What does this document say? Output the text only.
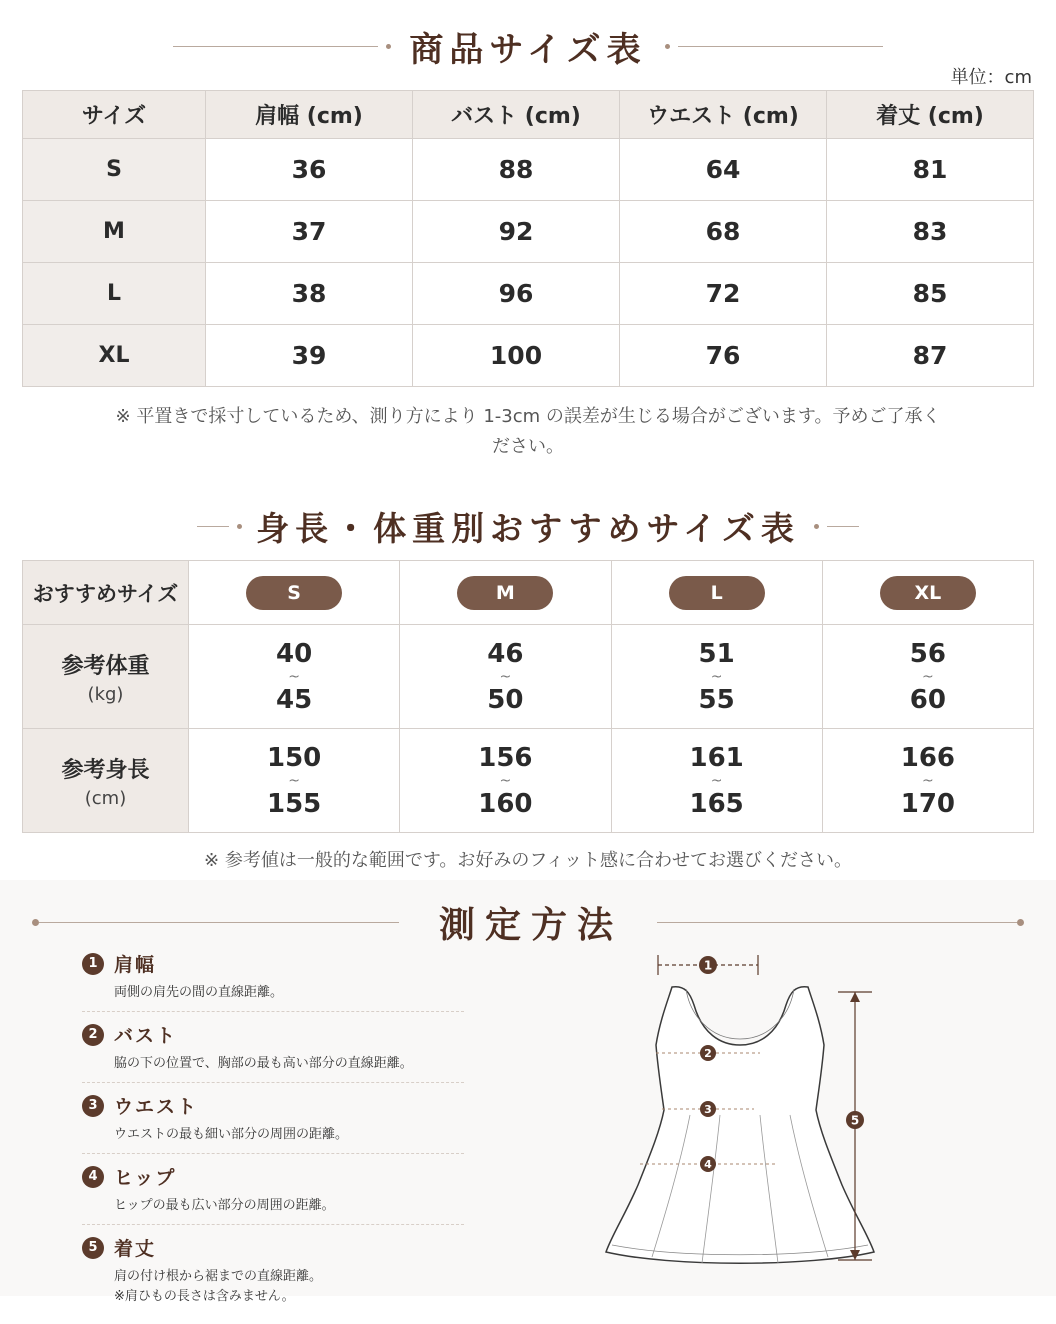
商品サイズ表
単位：cm
サイズ	肩幅 (cm)	バスト (cm)	ウエスト (cm)	着丈 (cm)
S	36	88	64	81
M	37	92	68	83
L	38	96	72	85
XL	39	100	76	87
※ 平置きで採寸しているため、測り方により 1-3cm の誤差が生じる場合がございます。予めご了承く
ださい。
身長・体重別おすすめサイズ表
おすすめサイズ	S	M	L	XL

参考体重
(kg)	40
~
45	46
~
50	51
~
55	56
~
60

参考身長
(cm)	150
~
155	156
~
160	161
~
165	166
~
170
※ 参考値は一般的な範囲です。お好みのフィット感に合わせてお選びください。
測定方法
1 肩幅
両側の肩先の間の直線距離。
2 バスト
脇の下の位置で、胸部の最も高い部分の直線距離。
3 ウエスト
ウエストの最も細い部分の周囲の距離。
4 ヒップ
ヒップの最も広い部分の周囲の距離。
5 着丈
肩の付け根から裾までの直線距離。
※肩ひもの長さは含みません。
1
2
3
4
5
